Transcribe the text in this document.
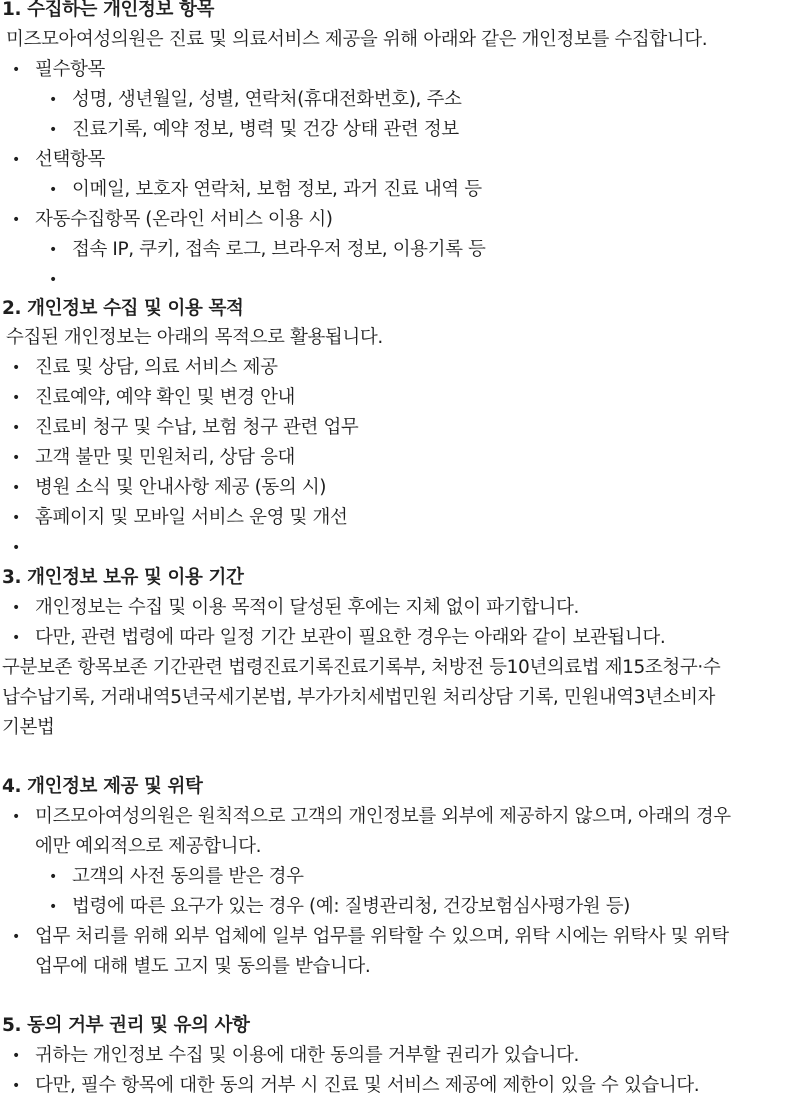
1. 수집하는 개인정보 항목
미즈모아여성의원은 진료 및 의료서비스 제공을 위해 아래와 같은 개인정보를 수집합니다.
• 필수항목
• 성명, 생년월일, 성별, 연락처(휴대전화번호), 주소
• 진료기록, 예약 정보, 병력 및 건강 상태 관련 정보
• 선택항목
• 이메일, 보호자 연락처, 보험 정보, 과거 진료 내역 등
• 자동수집항목 (온라인 서비스 이용 시)
• 접속 IP, 쿠키, 접속 로그, 브라우저 정보, 이용기록 등
•
2. 개인정보 수집 및 이용 목적
수집된 개인정보는 아래의 목적으로 활용됩니다.
• 진료 및 상담, 의료 서비스 제공
• 진료예약, 예약 확인 및 변경 안내
• 진료비 청구 및 수납, 보험 청구 관련 업무
• 고객 불만 및 민원처리, 상담 응대
• 병원 소식 및 안내사항 제공 (동의 시)
• 홈페이지 및 모바일 서비스 운영 및 개선
•
3. 개인정보 보유 및 이용 기간
• 개인정보는 수집 및 이용 목적이 달성된 후에는 지체 없이 파기합니다.
• 다만, 관련 법령에 따라 일정 기간 보관이 필요한 경우는 아래와 같이 보관됩니다.
구분보존 항목보존 기간관련 법령진료기록진료기록부, 처방전 등10년의료법 제15조청구·수
납수납기록, 거래내역5년국세기본법, 부가가치세법민원 처리상담 기록, 민원내역3년소비자
기본법
4. 개인정보 제공 및 위탁
• 미즈모아여성의원은 원칙적으로 고객의 개인정보를 외부에 제공하지 않으며, 아래의 경우
에만 예외적으로 제공합니다.
• 고객의 사전 동의를 받은 경우
• 법령에 따른 요구가 있는 경우 (예: 질병관리청, 건강보험심사평가원 등)
• 업무 처리를 위해 외부 업체에 일부 업무를 위탁할 수 있으며, 위탁 시에는 위탁사 및 위탁
업무에 대해 별도 고지 및 동의를 받습니다.
5. 동의 거부 권리 및 유의 사항
• 귀하는 개인정보 수집 및 이용에 대한 동의를 거부할 권리가 있습니다.
• 다만, 필수 항목에 대한 동의 거부 시 진료 및 서비스 제공에 제한이 있을 수 있습니다.
